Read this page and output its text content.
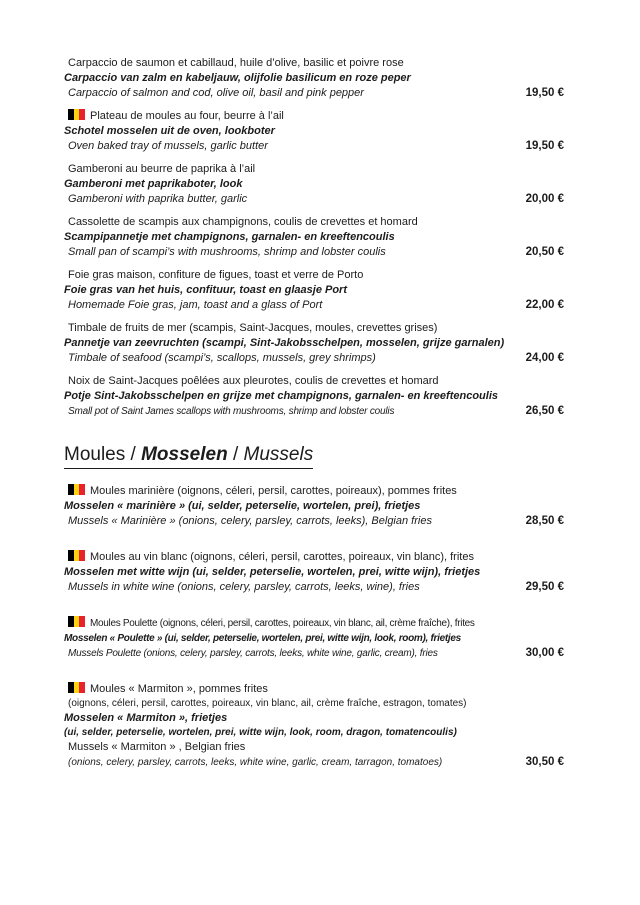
Carpaccio de saumon et cabillaud, huile d’olive, basilic et poivre rose
Carpaccio van zalm en kabeljauw, olijfolie basilicum en roze peper
Carpaccio of salmon and cod, olive oil, basil and pink pepper	19,50 €
Plateau de moules au four, beurre à l’ail
Schotel mosselen uit de oven, lookboter
Oven baked tray of mussels, garlic butter	19,50 €
Gamberoni au beurre de paprika à l’ail
Gamberoni met paprikaboter, look
Gamberoni with paprika butter, garlic	20,00 €
Cassolette de scampis aux champignons, coulis de crevettes et homard
Scampipannetje met champignons, garnalen- en kreeftencoulis
Small pan of scampi’s with mushrooms, shrimp and lobster coulis	20,50 €
Foie gras maison, confiture de figues, toast et verre de Porto
Foie gras van het huis, confituur, toast en glaasje Port
Homemade Foie gras, jam, toast and a glass of Port	22,00 €
Timbale de fruits de mer (scampis, Saint-Jacques, moules, crevettes grises)
Pannetje van zeevruchten (scampi, Sint-Jakobsschelpen, mosselen, grijze garnalen)
Timbale of seafood (scampi’s, scallops, mussels, grey shrimps)	24,00 €
Noix de Saint-Jacques poêlées aux pleurotes, coulis de crevettes et homard
Potje Sint-Jakobsschelpen en grijze met champignons, garnalen- en kreeftencoulis
Small pot of Saint James scallops with mushrooms, shrimp and lobster coulis	26,50 €
Moules / Mosselen / Mussels
Moules marinière (oignons, céleri, persil, carottes, poireaux), pommes frites
Mosselen « marinière » (ui, selder, peterselie, wortelen, prei), frietjes
Mussels « Marinière » (onions, celery, parsley, carrots, leeks), Belgian fries	28,50 €
Moules au vin blanc (oignons, céleri, persil, carottes, poireaux, vin blanc), frites
Mosselen met witte wijn (ui, selder, peterselie, wortelen, prei, witte wijn), frietjes
Mussels in white wine (onions, celery, parsley, carrots, leeks, wine), fries	29,50 €
Moules Poulette (oignons, céleri, persil, carottes, poireaux, vin blanc, ail, crème fraîche), frites
Mosselen « Poulette » (ui, selder, peterselie, wortelen, prei, witte wijn, look, room), frietjes
Mussels Poulette (onions, celery, parsley, carrots, leeks, white wine, garlic, cream), fries	30,00 €
Moules « Marmiton », pommes frites
(oignons, céleri, persil, carottes, poireaux, vin blanc, ail, crème fraîche, estragon, tomates)
Mosselen « Marmiton », frietjes
(ui, selder, peterselie, wortelen, prei, witte wijn, look, room, dragon, tomatencoulis)
Mussels « Marmiton » , Belgian fries
(onions, celery, parsley, carrots, leeks, white wine, garlic, cream, tarragon, tomatoes)	30,50 €
